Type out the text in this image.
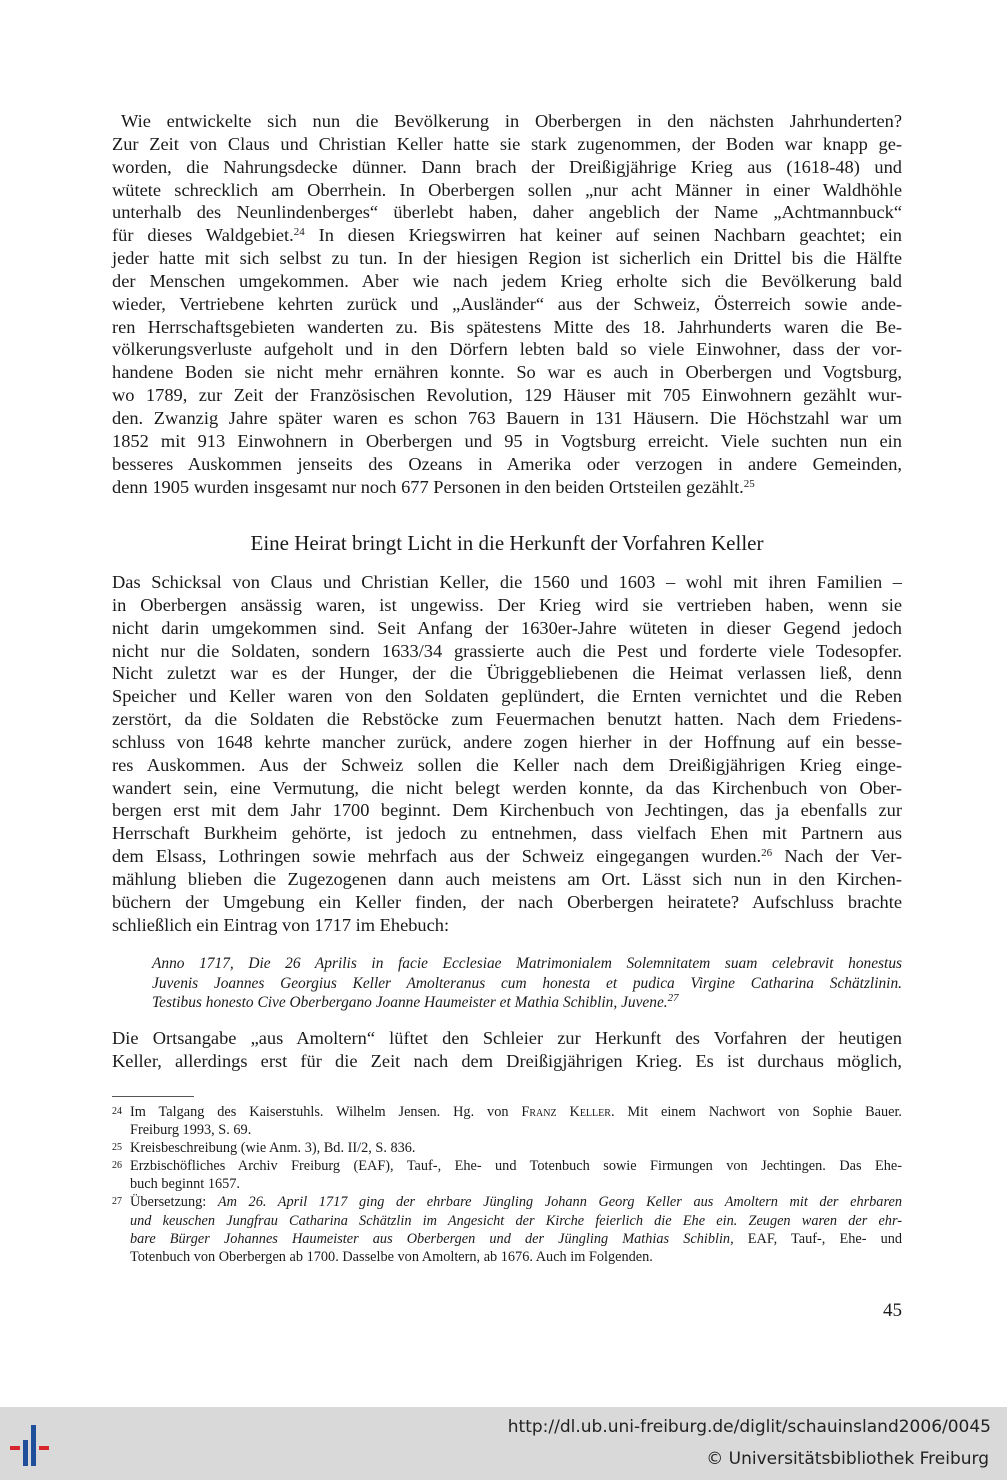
Wie entwickelte sich nun die Bevölkerung in Oberbergen in den nächsten Jahrhunderten?
Zur Zeit von Claus und Christian Keller hatte sie stark zugenommen, der Boden war knapp ge-
worden, die Nahrungsdecke dünner. Dann brach der Dreißigjährige Krieg aus (1618-48) und
wütete schrecklich am Oberrhein. In Oberbergen sollen „nur acht Männer in einer Waldhöhle
unterhalb des Neunlindenberges“ überlebt haben, daher angeblich der Name „Achtmannbuck“
für dieses Waldgebiet.$^{24}$ In diesen Kriegswirren hat keiner auf seinen Nachbarn geachtet; ein
jeder hatte mit sich selbst zu tun. In der hiesigen Region ist sicherlich ein Drittel bis die Hälfte
der Menschen umgekommen. Aber wie nach jedem Krieg erholte sich die Bevölkerung bald
wieder, Vertriebene kehrten zurück und „Ausländer“ aus der Schweiz, Österreich sowie ande-
ren Herrschaftsgebieten wanderten zu. Bis spätestens Mitte des 18. Jahrhunderts waren die Be-
völkerungsverluste aufgeholt und in den Dörfern lebten bald so viele Einwohner, dass der vor-
handene Boden sie nicht mehr ernähren konnte. So war es auch in Oberbergen und Vogtsburg,
wo 1789, zur Zeit der Französischen Revolution, 129 Häuser mit 705 Einwohnern gezählt wur-
den. Zwanzig Jahre später waren es schon 763 Bauern in 131 Häusern. Die Höchstzahl war um
1852 mit 913 Einwohnern in Oberbergen und 95 in Vogtsburg erreicht. Viele suchten nun ein
besseres Auskommen jenseits des Ozeans in Amerika oder verzogen in andere Gemeinden,
denn 1905 wurden insgesamt nur noch 677 Personen in den beiden Ortsteilen gezählt.$^{25}$

Eine Heirat bringt Licht in die Herkunft der Vorfahren Keller

Das Schicksal von Claus und Christian Keller, die 1560 und 1603 – wohl mit ihren Familien –
in Oberbergen ansässig waren, ist ungewiss. Der Krieg wird sie vertrieben haben, wenn sie
nicht darin umgekommen sind. Seit Anfang der 1630er-Jahre wüteten in dieser Gegend jedoch
nicht nur die Soldaten, sondern 1633/34 grassierte auch die Pest und forderte viele Todesopfer.
Nicht zuletzt war es der Hunger, der die Übriggebliebenen die Heimat verlassen ließ, denn
Speicher und Keller waren von den Soldaten geplündert, die Ernten vernichtet und die Reben
zerstört, da die Soldaten die Rebstöcke zum Feuermachen benutzt hatten. Nach dem Friedens-
schluss von 1648 kehrte mancher zurück, andere zogen hierher in der Hoffnung auf ein besse-
res Auskommen. Aus der Schweiz sollen die Keller nach dem Dreißigjährigen Krieg einge-
wandert sein, eine Vermutung, die nicht belegt werden konnte, da das Kirchenbuch von Ober-
bergen erst mit dem Jahr 1700 beginnt. Dem Kirchenbuch von Jechtingen, das ja ebenfalls zur
Herrschaft Burkheim gehörte, ist jedoch zu entnehmen, dass vielfach Ehen mit Partnern aus
dem Elsass, Lothringen sowie mehrfach aus der Schweiz eingegangen wurden.$^{26}$ Nach der Ver-
mählung blieben die Zugezogenen dann auch meistens am Ort. Lässt sich nun in den Kirchen-
büchern der Umgebung ein Keller finden, der nach Oberbergen heiratete? Aufschluss brachte
schließlich ein Eintrag von 1717 im Ehebuch:

Anno 1717, Die 26 Aprilis in facie Ecclesiae Matrimonialem Solemnitatem suam celebravit honestus
Juvenis Joannes Georgius Keller Amolteranus cum honesta et pudica Virgine Catharina Schätzlinin.
Testibus honesto Cive Oberbergano Joanne Haumeister et Mathia Schiblin, Juvene.$^{27}$

Die Ortsangabe „aus Amoltern“ lüftet den Schleier zur Herkunft des Vorfahren der heutigen
Keller, allerdings erst für die Zeit nach dem Dreißigjährigen Krieg. Es ist durchaus möglich,

24 Im Talgang des Kaiserstuhls. Wilhelm Jensen. Hg. von Franz Keller. Mit einem Nachwort von Sophie Bauer.
Freiburg 1993, S. 69.
25 Kreisbeschreibung (wie Anm. 3), Bd. II/2, S. 836.
26 Erzbischöfliches Archiv Freiburg (EAF), Tauf-, Ehe- und Totenbuch sowie Firmungen von Jechtingen. Das Ehe-
buch beginnt 1657.
27 Übersetzung: Am 26. April 1717 ging der ehrbare Jüngling Johann Georg Keller aus Amoltern mit der ehrbaren
und keuschen Jungfrau Catharina Schätzlin im Angesicht der Kirche feierlich die Ehe ein. Zeugen waren der ehr-
bare Bürger Johannes Haumeister aus Oberbergen und der Jüngling Mathias Schiblin, EAF, Tauf-, Ehe- und
Totenbuch von Oberbergen ab 1700. Dasselbe von Amoltern, ab 1676. Auch im Folgenden.
45
http://dl.ub.uni-freiburg.de/diglit/schauinsland2006/0045
© Universitätsbibliothek Freiburg
